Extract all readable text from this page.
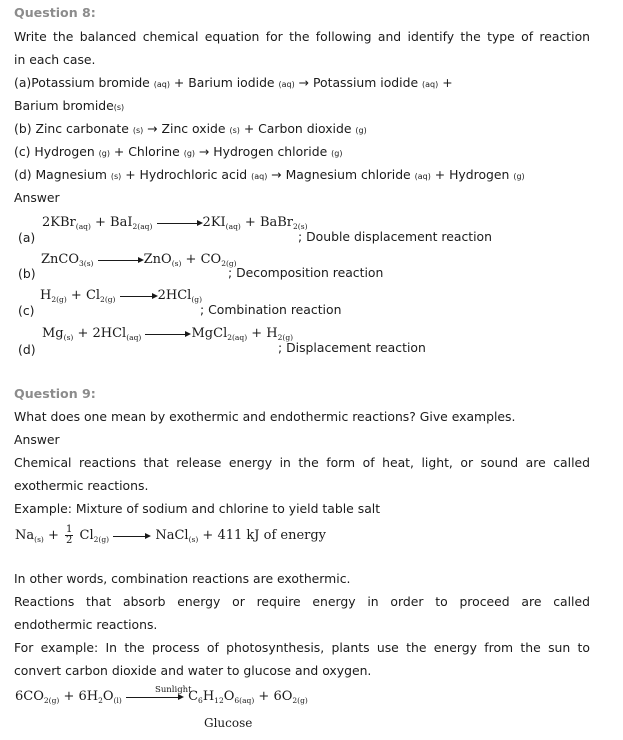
Question 8:
Write the balanced chemical equation for the following and identify the type of reaction
in each case.
(a)Potassium bromide (aq) + Barium iodide (aq) → Potassium iodide (aq) +
Barium bromide(s)
(b) Zinc carbonate (s) → Zinc oxide (s) + Carbon dioxide (g)
(c) Hydrogen (g) + Chlorine (g) → Hydrogen chloride (g)
(d) Magnesium (s) + Hydrochloric acid (aq) → Magnesium chloride (aq) + Hydrogen (g)
Answer
(a)
2KBr$_{(aq)}$ + BaI$_{2(aq)}$	$2KI_{(aq)}$ + BaBr$_{2(s)}$
; Double displacement reaction
(b)
ZnCO$_{3(s)}$	$ZnO_{(s)} + CO_{2(g)}$
; Decomposition reaction
(c)
$H_{2(g)} + Cl_{2(g)}$	2HCl$_{(g)}$
; Combination reaction
(d)
$Mg_{(s)} + 2HCl_{(aq)}$	MgCl$_{2(aq)}$ + $H_{2(g)}$
; Displacement reaction
Question 9:
What does one mean by exothermic and endothermic reactions? Give examples.
Answer
Chemical reactions that release energy in the form of heat, light, or sound are called
exothermic reactions.
Example: Mixture of sodium and chlorine to yield table salt
$Na_{(s)} + \frac{1}{2} Cl_{2(g)}$	NaCl$_{(s)}$ + 411 kJ of energy
In other words, combination reactions are exothermic.
Reactions that absorb energy or require energy in order to proceed are called
endothermic reactions.
For example: In the process of photosynthesis, plants use the energy from the sun to
convert carbon dioxide and water to glucose and oxygen.
$6CO_{2(g)} + 6H_2O_{(l)}$	$C_6H_{12}O_{6(aq)} + 6O_{2(g)}$
Sunlight
Glucose
